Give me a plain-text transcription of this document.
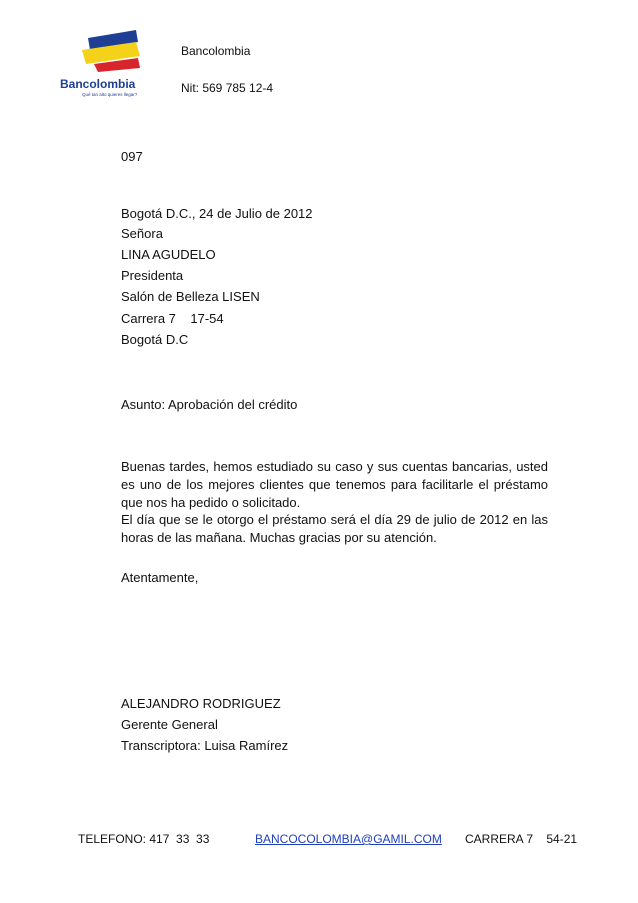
Bancolombia
Qué tan alto quieres llegar?
Bancolombia
Nit: 569 785 12-4
097
Bogotá D.C., 24 de Julio de 2012
Señora
LINA AGUDELO
Presidenta
Salón de Belleza LISEN
Carrera 7    17-54
Bogotá D.C
Asunto: Aprobación del crédito
Buenas tardes, hemos estudiado su caso y sus cuentas bancarias, usted es uno de los mejores clientes que tenemos para facilitarle el préstamo que nos ha pedido o solicitado.
El día que se le otorgo el préstamo será el día 29 de julio de 2012 en las horas de las mañana. Muchas gracias por su atención.
Atentamente,
ALEJANDRO RODRIGUEZ
Gerente General
Transcriptora: Luisa Ramírez
TELEFONO: 417  33  33	BANCOCOLOMBIA@GAMIL.COM CARRERA 7    54-21
